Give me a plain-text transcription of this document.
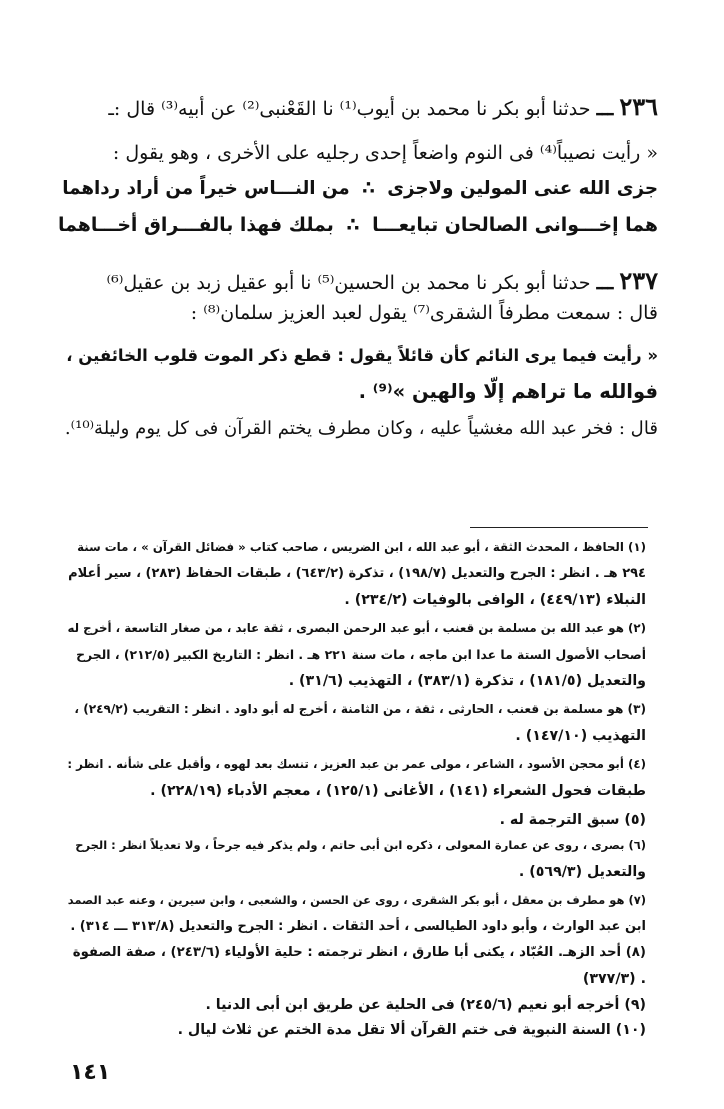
٢٣٦ ـــ حدثنا أبو بكر نا محمد بن أيوب⁽¹⁾ نا القَعْنبى⁽²⁾ عن أبيه⁽³⁾ قال :ـ
« رأيت نصيباً⁽⁴⁾ فى النوم واضعاً إحدى رجليه على الأخرى ، وهو يقول :
جزى الله عنى المولين ولاجزى ∴ من النـــاس خيراً من أراد رداهما
هما إخـــوانى الصالحان تبايعـــا ∴ بملك فهذا بالفـــراق أخـــاهما
٢٣٧ ـــ حدثنا أبو بكر نا محمد بن الحسين⁽⁵⁾ نا أبو عقيل زبد بن عقيل⁽⁶⁾
قال : سمعت مطرفاً الشقرى⁽⁷⁾ يقول لعبد العزيز سلمان⁽⁸⁾ :
« رأيت فيما يرى النائم كأن قائلاً يقول : قطع ذكر الموت قلوب الخائفين ،
فوالله ما تراهم إلّا والهين »⁽⁹⁾ .
قال : فخر عبد الله مغشياً عليه ، وكان مطرف يختم القرآن فى كل يوم وليلة⁽¹⁰⁾.
(١) الحافظ ، المحدث الثقة ، أبو عبد الله ، ابن الضريس ، صاحب كتاب « فضائل القرآن » ، مات سنة
٢٩٤ هـ . انظر : الجرح والتعديل (١٩٨/٧) ، تذكرة (٦٤٣/٢) ، طبقات الحفاظ (٢٨٣) ، سير أعلام
النبلاء (٤٤٩/١٣) ، الوافى بالوفيات (٢٣٤/٢) .
(٢) هو عبد الله بن مسلمة بن قعنب ، أبو عبد الرحمن البصرى ، ثقة عابد ، من صغار التاسعة ، أخرج له
أصحاب الأصول الستة ما عدا ابن ماجه ، مات سنة ٢٢١ هـ . انظر : التاريخ الكبير (٢١٢/٥) ، الجرح
والتعديل (١٨١/٥) ، تذكرة (٣٨٣/١) ، التهذيب (٣١/٦) .
(٣) هو مسلمة بن قعنب ، الحارثى ، ثقة ، من الثامنة ، أخرج له أبو داود . انظر : التقريب (٢٤٩/٢) ،
التهذيب (١٤٧/١٠) .
(٤) أبو محجن الأسود ، الشاعر ، مولى عمر بن عبد العزيز ، تنسك بعد لهوه ، وأقبل على شأنه . انظر :
طبقات فحول الشعراء (١٤١) ، الأغانى (١٢٥/١) ، معجم الأدباء (٢٢٨/١٩) .
(٥) سبق الترجمة له .
(٦) بصرى ، روى عن عمارة المعولى ، ذكره ابن أبى حاتم ، ولم يذكر فيه جرحاً ، ولا تعديلاً انظر : الجرح
والتعديل (٥٦٩/٣) .
(٧) هو مطرف بن معقل ، أبو بكر الشقرى ، روى عن الحسن ، والشعبى ، وابن سيرين ، وعنه عبد الصمد
ابن عبد الوارث ، وأبو داود الطيالسى ، أحد الثقات . انظر : الجرح والتعديل (٣١٣/٨ ـــ ٣١٤) .
(٨) أحد الزهـ. العُبّاد ، يكنى أبا طارق ، انظر ترجمته : حلية الأولياء (٢٤٣/٦) ، صفة الصفوة
(٣٧٧/٣) .
(٩) أخرجه أبو نعيم (٢٤٥/٦) فى الحلية عن طريق ابن أبى الدنيا .
(١٠) السنة النبوية فى ختم القرآن ألا تقل مدة الختم عن ثلاث ليال .
١٤١
